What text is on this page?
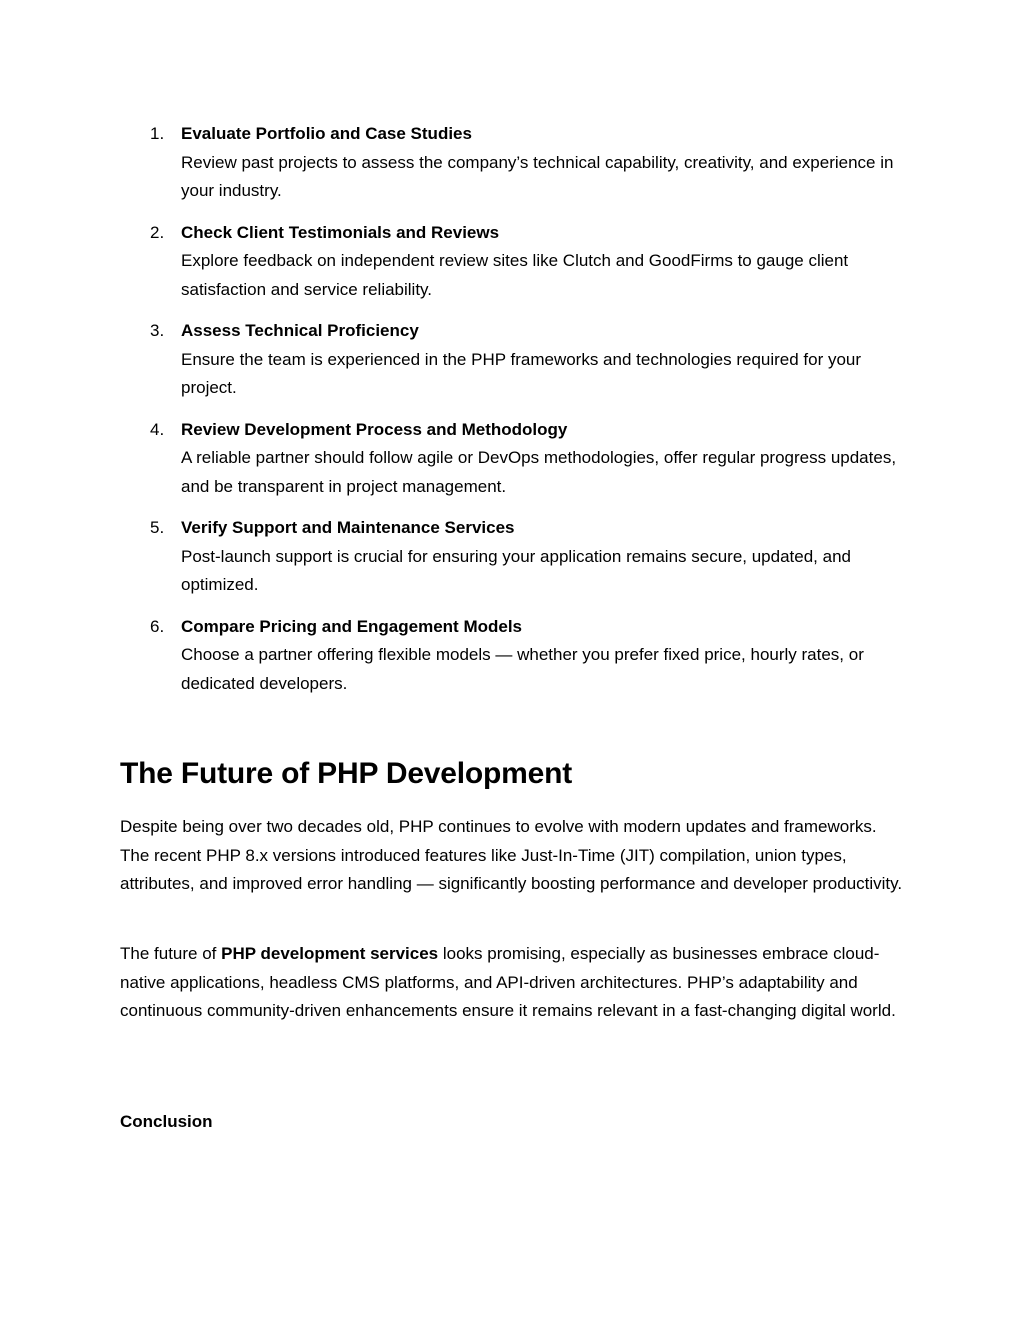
1. Evaluate Portfolio and Case Studies
Review past projects to assess the company’s technical capability, creativity, and experience in your industry.
2. Check Client Testimonials and Reviews
Explore feedback on independent review sites like Clutch and GoodFirms to gauge client satisfaction and service reliability.
3. Assess Technical Proficiency
Ensure the team is experienced in the PHP frameworks and technologies required for your project.
4. Review Development Process and Methodology
A reliable partner should follow agile or DevOps methodologies, offer regular progress updates, and be transparent in project management.
5. Verify Support and Maintenance Services
Post-launch support is crucial for ensuring your application remains secure, updated, and optimized.
6. Compare Pricing and Engagement Models
Choose a partner offering flexible models — whether you prefer fixed price, hourly rates, or dedicated developers.
The Future of PHP Development

Despite being over two decades old, PHP continues to evolve with modern updates and frameworks. The recent PHP 8.x versions introduced features like Just-In-Time (JIT) compilation, union types, attributes, and improved error handling — significantly boosting performance and developer productivity.

The future of PHP development services looks promising, especially as businesses embrace cloud-native applications, headless CMS platforms, and API-driven architectures. PHP’s adaptability and continuous community-driven enhancements ensure it remains relevant in a fast-changing digital world.

Conclusion
